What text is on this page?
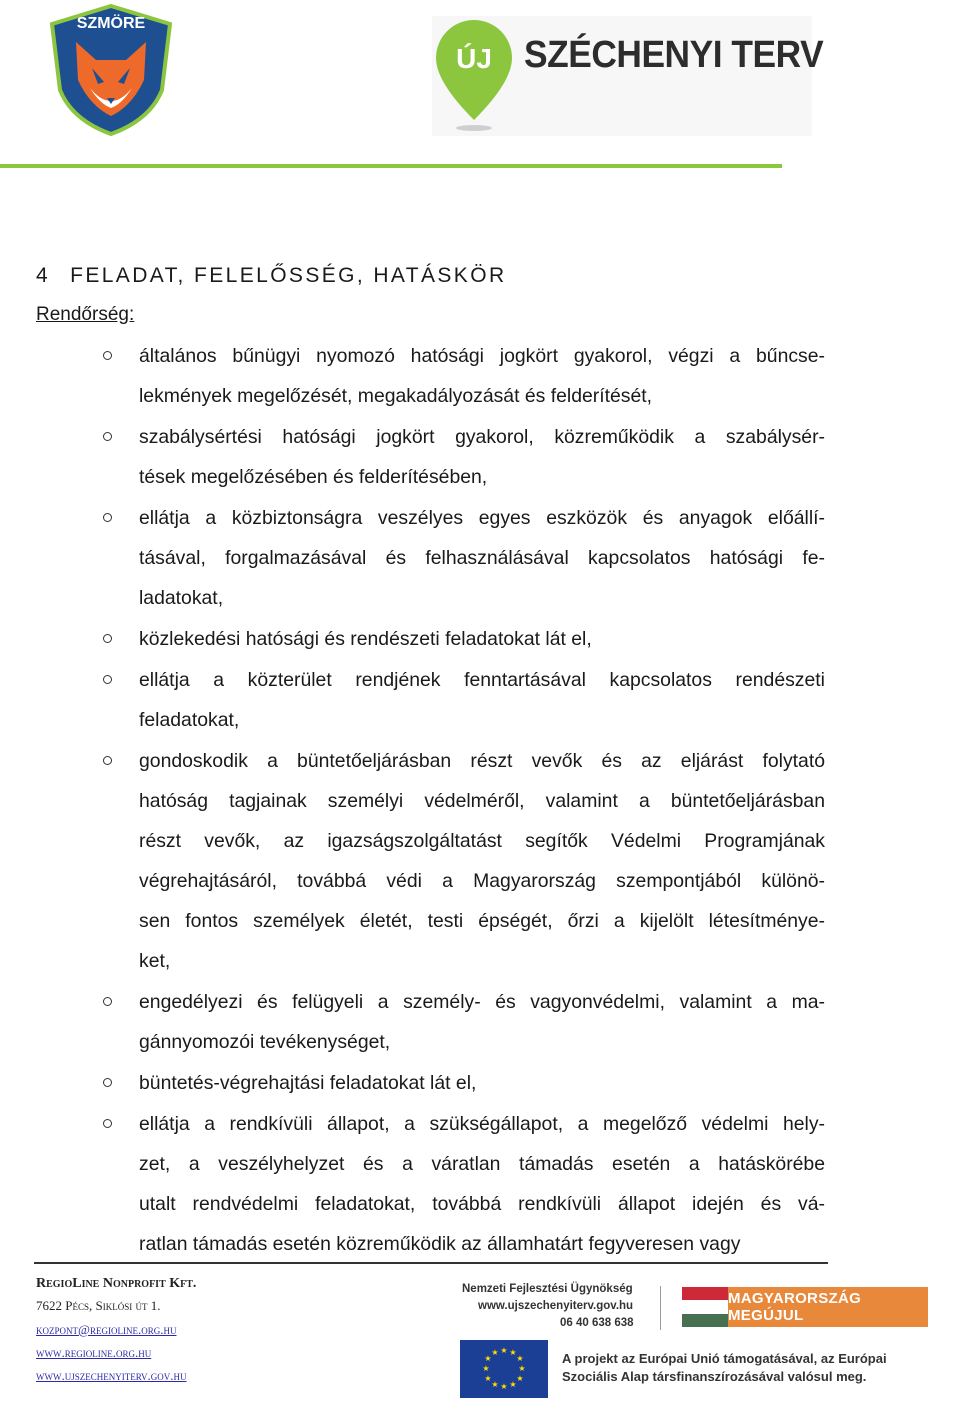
SZMÖRE
ÚJ SZÉCHENYI TERV
4 FELADAT, FELELŐSSÉG, HATÁSKÖR
Rendőrség:
általános bűnügyi nyomozó hatósági jogkört gyakorol, végzi a bűncse-
lekmények megelőzését, megakadályozását és felderítését,
szabálysértési hatósági jogkört gyakorol, közreműködik a szabálysér-
tések megelőzésében és felderítésében,
ellátja a közbiztonságra veszélyes egyes eszközök és anyagok előállí-
tásával, forgalmazásával és felhasználásával kapcsolatos hatósági fe-
ladatokat,
közlekedési hatósági és rendészeti feladatokat lát el,
ellátja a közterület rendjének fenntartásával kapcsolatos rendészeti
feladatokat,
gondoskodik a büntetőeljárásban részt vevők és az eljárást folytató
hatóság tagjainak személyi védelméről, valamint a büntetőeljárásban
részt vevők, az igazságszolgáltatást segítők Védelmi Programjának
végrehajtásáról, továbbá védi a Magyarország szempontjából különö-
sen fontos személyek életét, testi épségét, őrzi a kijelölt létesítménye-
ket,
engedélyezi és felügyeli a személy- és vagyonvédelmi, valamint a ma-
gánnyomozói tevékenységet,
büntetés-végrehajtási feladatokat lát el,
ellátja a rendkívüli állapot, a szükségállapot, a megelőző védelmi hely-
zet, a veszélyhelyzet és a váratlan támadás esetén a hatáskörébe
utalt rendvédelmi feladatokat, továbbá rendkívüli állapot idején és vá-
ratlan támadás esetén közreműködik az államhatárt fegyveresen vagy
RegioLine Nonprofit Kft.
7622 Pécs, Siklósi út 1.
kozpont@regioline.org.hu
www.regioline.org.hu
www.ujszechenyiterv.gov.hu
Nemzeti Fejlesztési Ügynökség
www.ujszechenyiterv.gov.hu
06 40 638 638
MAGYARORSZÁG MEGÚJUL
★ ★
★
★
★
★
★
★
★
★
★
★	A projekt az Európai Unió támogatásával, az Európai
Szociális Alap társfinanszírozásával valósul meg.
